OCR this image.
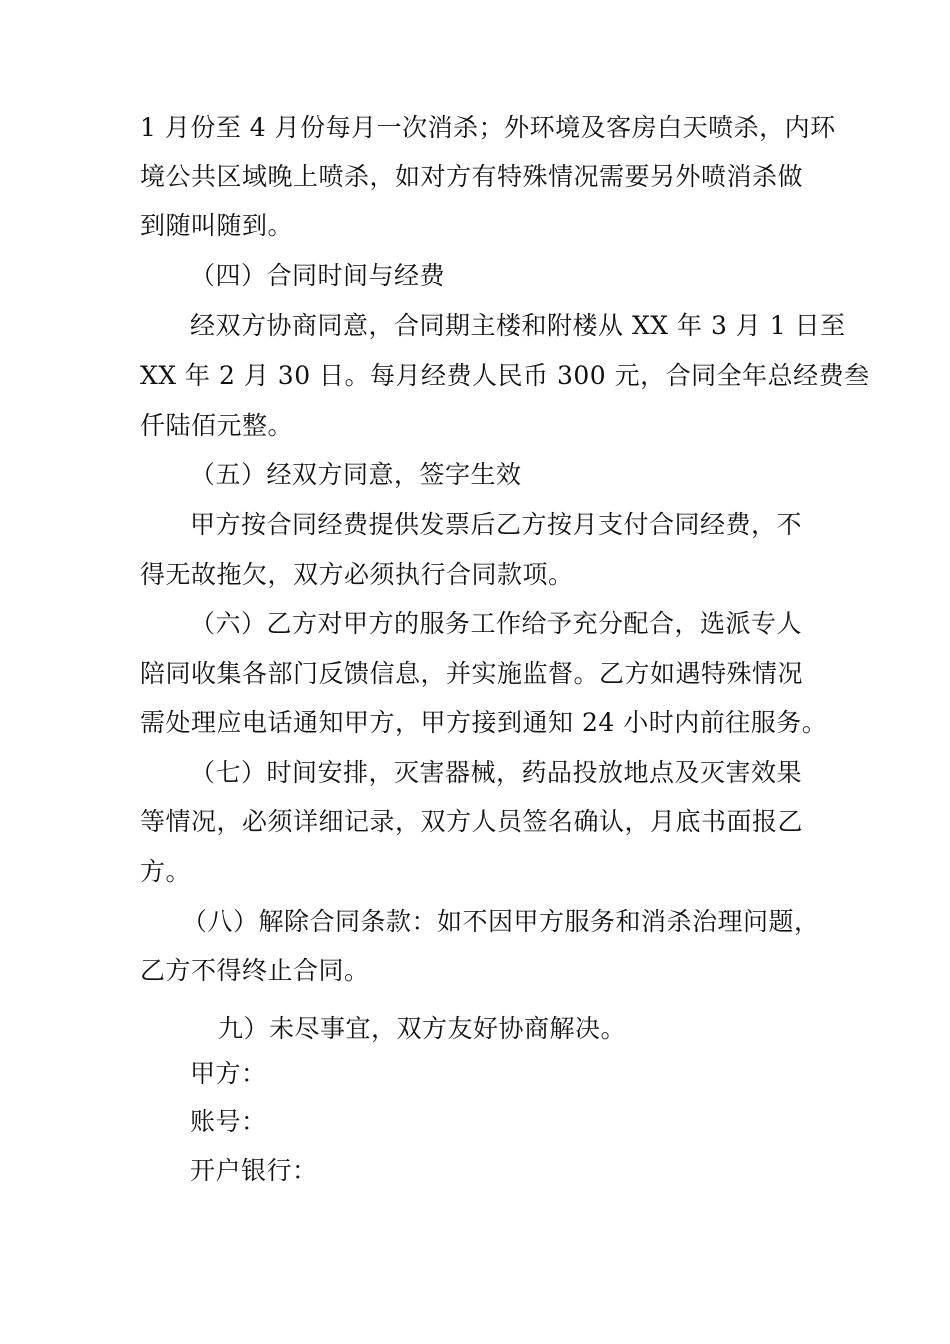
1 月份至 4 月份每月一次消杀；外环境及客房白天喷杀，内环
境公共区域晚上喷杀，如对方有特殊情况需要另外喷消杀做
到随叫随到。
（四）合同时间与经费
经双方协商同意，合同期主楼和附楼从 XX 年 3 月 1 日至
XX 年 2 月 30 日。每月经费人民币 300 元，合同全年总经费叁
仟陆佰元整。
（五）经双方同意，签字生效
甲方按合同经费提供发票后乙方按月支付合同经费，不
得无故拖欠，双方必须执行合同款项。
（六）乙方对甲方的服务工作给予充分配合，选派专人
陪同收集各部门反馈信息，并实施监督。乙方如遇特殊情况
需处理应电话通知甲方，甲方接到通知 24 小时内前往服务。
（七）时间安排，灭害器械，药品投放地点及灭害效果
等情况，必须详细记录，双方人员签名确认，月底书面报乙
方。
（八）解除合同条款：如不因甲方服务和消杀治理问题，
乙方不得终止合同。
九）未尽事宜，双方友好协商解决。
甲方：
账号：
开户银行：
